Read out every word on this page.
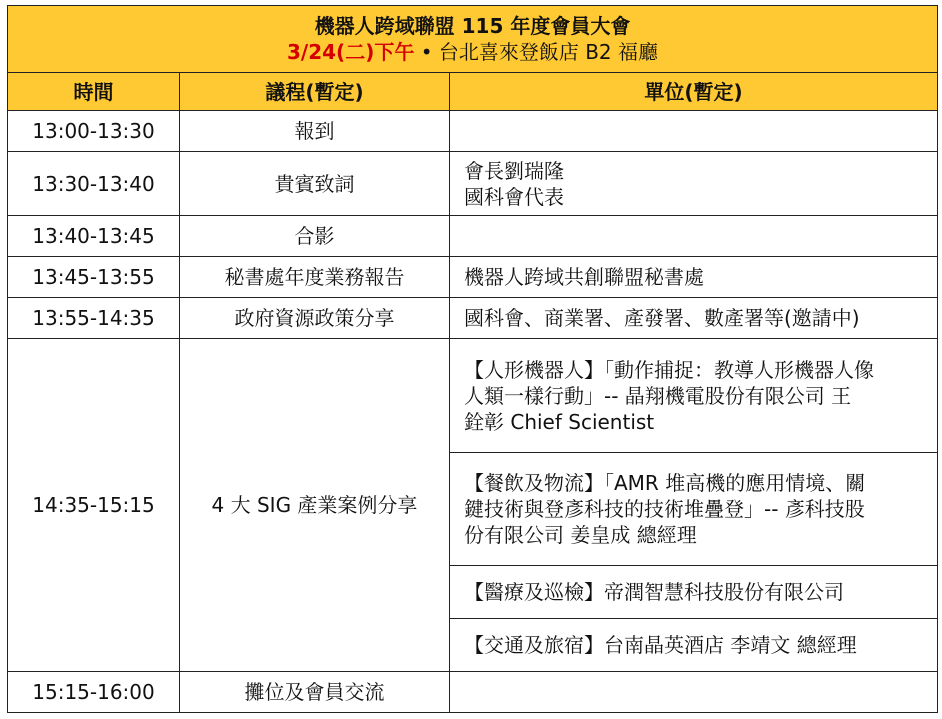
機器人跨域聯盟 115 年度會員大會
3/24(二)下午 • 台北喜來登飯店 B2 福廳		

時間	議程(暫定)	單位(暫定)
13:00-13:30	報到	
13:30-13:40	貴賓致詞	會長劉瑞隆
國科會代表

13:40-13:45	合影	
13:45-13:55	秘書處年度業務報告	機器人跨域共創聯盟秘書處

13:55-14:35	政府資源政策分享	國科會、商業署、產發署、數產署等(邀請中)

14:35-15:15	4 大 SIG 產業案例分享	【人形機器人】「動作捕捉：教導人形機器人像
人類一樣行動」-- 晶翔機電股份有限公司 王
銓彰 Chief Scientist

		【餐飲及物流】「AMR 堆高機的應用情境、關
鍵技術與登彥科技的技術堆疊登」-- 彥科技股
份有限公司 姜皇成 總經理

		【醫療及巡檢】帝潤智慧科技股份有限公司

		【交通及旅宿】台南晶英酒店 李靖文 總經理

15:15-16:00	攤位及會員交流	
